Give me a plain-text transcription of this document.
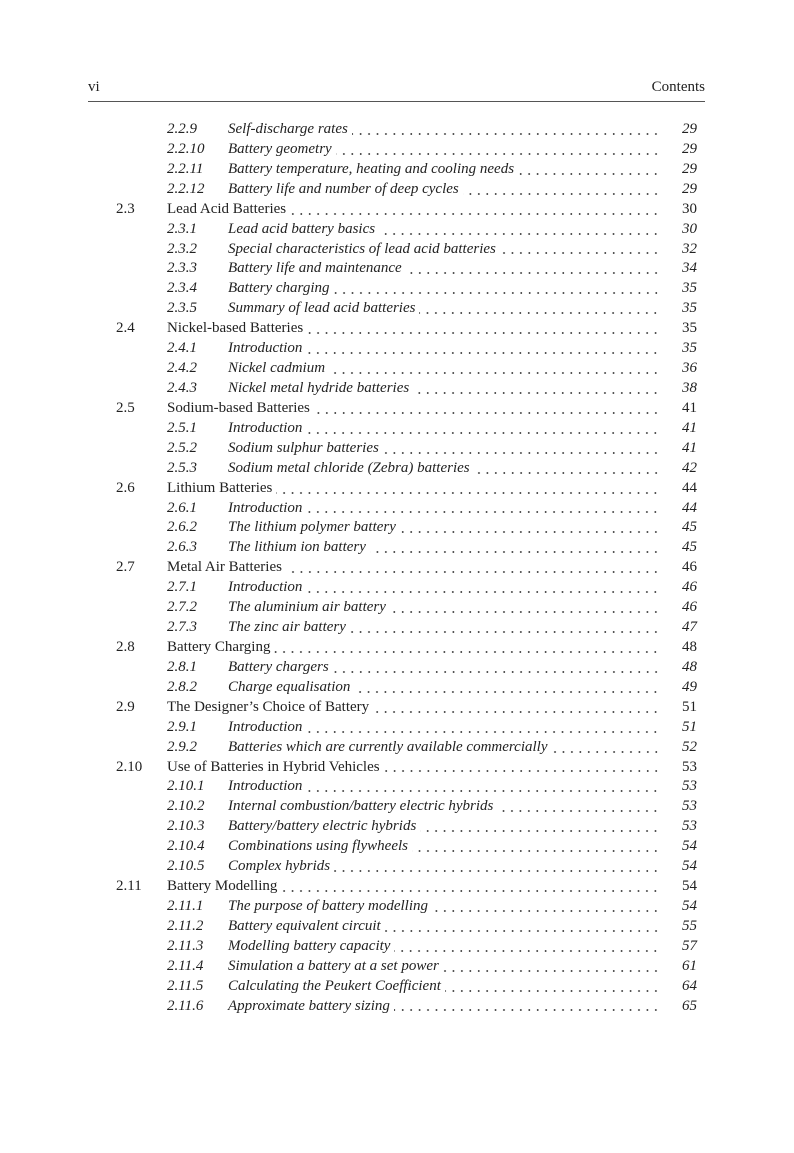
vi	Contents
2.2.9 Self-discharge rates	29
2.2.10 Battery geometry	29
2.2.11 Battery temperature, heating and cooling needs	29
2.2.12 Battery life and number of deep cycles	29
2.3 Lead Acid Batteries	30
2.3.1 Lead acid battery basics	30
2.3.2 Special characteristics of lead acid batteries	32
2.3.3 Battery life and maintenance	34
2.3.4 Battery charging	35
2.3.5 Summary of lead acid batteries	35
2.4 Nickel-based Batteries	35
2.4.1 Introduction	35
2.4.2 Nickel cadmium	36
2.4.3 Nickel metal hydride batteries	38
2.5 Sodium-based Batteries	41
2.5.1 Introduction	41
2.5.2 Sodium sulphur batteries	41
2.5.3 Sodium metal chloride (Zebra) batteries	42
2.6 Lithium Batteries	44
2.6.1 Introduction	44
2.6.2 The lithium polymer battery	45
2.6.3 The lithium ion battery	45
2.7 Metal Air Batteries	46
2.7.1 Introduction	46
2.7.2 The aluminium air battery	46
2.7.3 The zinc air battery	47
2.8 Battery Charging	48
2.8.1 Battery chargers	48
2.8.2 Charge equalisation	49
2.9 The Designer’s Choice of Battery	51
2.9.1 Introduction	51
2.9.2 Batteries which are currently available commercially	52
2.10 Use of Batteries in Hybrid Vehicles	53
2.10.1 Introduction	53
2.10.2 Internal combustion/battery electric hybrids	53
2.10.3 Battery/battery electric hybrids	53
2.10.4 Combinations using flywheels	54
2.10.5 Complex hybrids	54
2.11 Battery Modelling	54
2.11.1 The purpose of battery modelling	54
2.11.2 Battery equivalent circuit	55
2.11.3 Modelling battery capacity	57
2.11.4 Simulation a battery at a set power	61
2.11.5 Calculating the Peukert Coefficient	64
2.11.6 Approximate battery sizing	65
